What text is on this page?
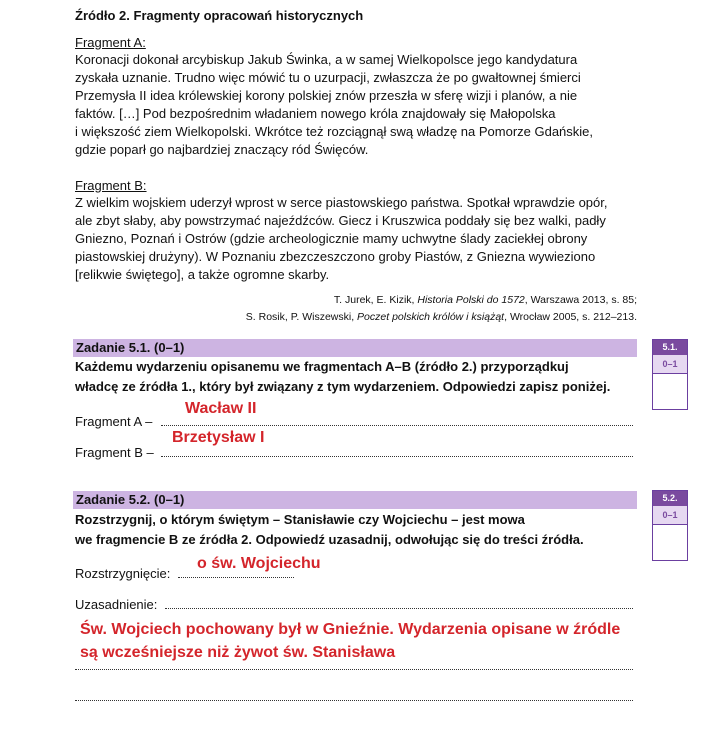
Źródło 2. Fragmenty opracowań historycznych
Fragment A:
Koronacji dokonał arcybiskup Jakub Świnka, a w samej Wielkopolsce jego kandydatura
zyskała uznanie. Trudno więc mówić tu o uzurpacji, zwłaszcza że po gwałtownej śmierci
Przemysła II idea królewskiej korony polskiej znów przeszła w sferę wizji i planów, a nie
faktów. […] Pod bezpośrednim władaniem nowego króla znajdowały się Małopolska
i większość ziem Wielkopolski. Wkrótce też rozciągnął swą władzę na Pomorze Gdańskie,
gdzie poparł go najbardziej znaczący ród Święców.
Fragment B:
Z wielkim wojskiem uderzył wprost w serce piastowskiego państwa. Spotkał wprawdzie opór,
ale zbyt słaby, aby powstrzymać najeźdźców. Giecz i Kruszwica poddały się bez walki, padły
Gniezno, Poznań i Ostrów (gdzie archeologicznie mamy uchwytne ślady zaciekłej obrony
piastowskiej drużyny). W Poznaniu zbezczeszczono groby Piastów, z Gniezna wywieziono
[relikwie świętego], a także ogromne skarby.
T. Jurek, E. Kizik, Historia Polski do 1572, Warszawa 2013, s. 85;
S. Rosik, P. Wiszewski, Poczet polskich królów i książąt, Wrocław 2005, s. 212–213.
Zadanie 5.1. (0–1)	5.1.
0–1
Każdemu wydarzeniu opisanemu we fragmentach A–B (źródło 2.) przyporządkuj
władcę ze źródła 1., który był związany z tym wydarzeniem. Odpowiedzi zapisz poniżej.
Fragment A –
Wacław II
Fragment B –
Brzetysław I
Zadanie 5.2. (0–1)	5.2.
0–1
Rozstrzygnij, o którym świętym – Stanisławie czy Wojciechu – jest mowa
we fragmencie B ze źródła 2. Odpowiedź uzasadnij, odwołując się do treści źródła.
Rozstrzygnięcie:
o św. Wojciechu
Uzasadnienie:
Św. Wojciech pochowany był w Gnieźnie. Wydarzenia opisane w źródle
są wcześniejsze niż żywot św. Stanisława
